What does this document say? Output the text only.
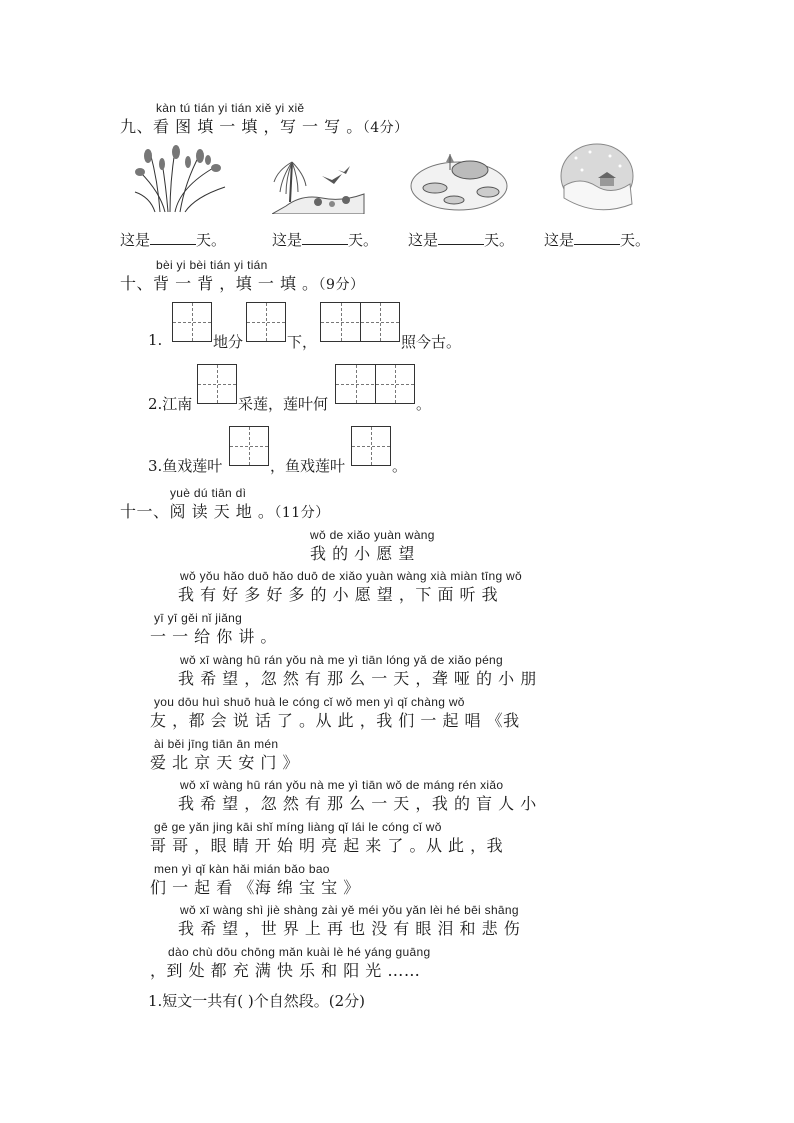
kàn tú tián yi tián xiě yi xiě
九、看 图 填 一 填 ，写 一 写 。（4分）
这是	天。	这是	天。 这是	天。 这是	天。
bèi yi bèi tián yi tián
十、背 一 背 ，填 一 填 。（9分）
1.	地分	下，	照今古。
2.江南	采莲，莲叶何	。
3.鱼戏莲叶	，鱼戏莲叶	。
yuè dú tiān dì
十一、阅 读 天 地 。（11分）
wǒ de xiǎo yuàn wàng
我 的 小 愿 望
wǒ yǒu hǎo duō hǎo duō de xiǎo yuàn wàng xià miàn tīng wǒ
我 有 好 多 好 多 的 小 愿 望 ，下 面 听 我
yī yī gěi nǐ jiǎng
一 一 给 你 讲 。
wǒ xī wàng hū rán yǒu nà me yì tiān lóng yǎ de xiǎo péng
我 希 望 ，忽 然 有 那 么 一 天 ，聋 哑 的 小 朋
you dōu huì shuō huà le cóng cǐ wǒ men yì qǐ chàng wǒ
友 ，都 会 说 话 了 。从 此 ，我 们 一 起 唱 《我
ài běi jīng tiān ān mén
爱 北 京 天 安 门 》
wǒ xī wàng hū rán yǒu nà me yì tiān wǒ de máng rén xiǎo
我 希 望 ，忽 然 有 那 么 一 天 ，我 的 盲 人 小
gē ge yǎn jing kāi shǐ míng liàng qǐ lái le cóng cǐ wǒ
哥 哥 ，眼 睛 开 始 明 亮 起 来 了 。从 此 ，我
men yì qǐ kàn hǎi mián bǎo bao
们 一 起 看 《海 绵 宝 宝 》
wǒ xī wàng shì jiè shàng zài yě méi yǒu yǎn lèi hé bēi shāng
我 希 望 ，世 界 上 再 也 没 有 眼 泪 和 悲 伤
dào chù dōu chōng mǎn kuài lè hé yáng guāng
，到 处 都 充 满 快 乐 和 阳 光 ……
1.短文一共有( )个自然段。(2分)
